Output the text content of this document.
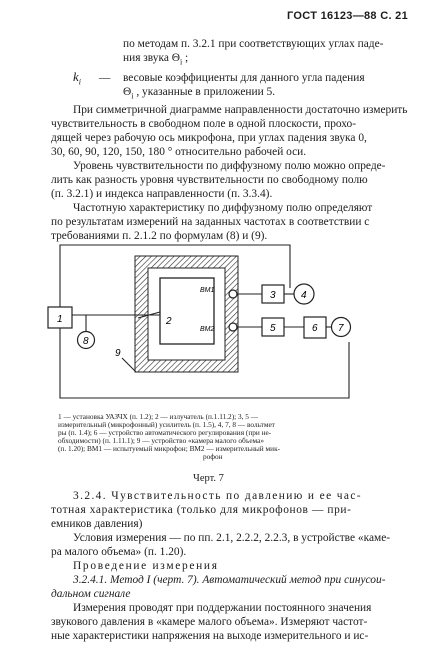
ГОСТ 16123—88 С. 21
по методам п. 3.2.1 при соответствующих углах паде-
ния звука $\Theta_i$ ;
$k_i$ — весовые коэффициенты для данного угла падения
$\Theta_i$ , указанные в приложении 5.
При симметричной диаграмме направленности достаточно измерить
чувствительность в свободном поле в одной плоскости, прохо-
дящей через рабочую ось микрофона, при углах падения звука 0,
30, 60, 90, 120, 150, 180 ° относительно рабочей оси.
Уровень чувствительности по диффузному полю можно опреде-
лить как разность уровня чувствительности по свободному полю
(п. 3.2.1) и индекса направленности (п. 3.3.4).
Частотную характеристику по диффузному полю определяют
по результатам измерений на заданных частотах в соответствии с
требованиями п. 2.1.2 по формулам (8) и (9).
1	2
3	4
5	6 7
8
9
ВМ1
ВМ2
1 — установка УАЗЧХ (п. 1.2); 2 — излучатель (п.1.11.2); 3, 5 —
измерительный (микрофонный) усилитель (п. 1.5), 4, 7, 8 — вольтмет
ры (п. 1.4); 6 — устройство автоматического регулирования (при не-
обходимости) (п. 1.11.1); 9 — устройство «камера малого объема»
(п. 1.20); ВМ1 — испытуемый микрофон; ВМ2 — измерительный мик-
рофон
Черт. 7
3.2.4. Чувствительность по давлению и ее час-
тотная характеристика (только для микрофонов — при-
емников давления)
Условия измерения — по пп. 2.1, 2.2.2, 2.2.3, в устройстве «каме-
ра малого объема» (п. 1.20).
Проведение измерения
3.2.4.1. Метод I (черт. 7). Автоматический метод при синусои-
дальном сигнале
Измерения проводят при поддержании постоянного значения
звукового давления в «камере малого объема». Измеряют частот-
ные характеристики напряжения на выходе измерительного и ис-
